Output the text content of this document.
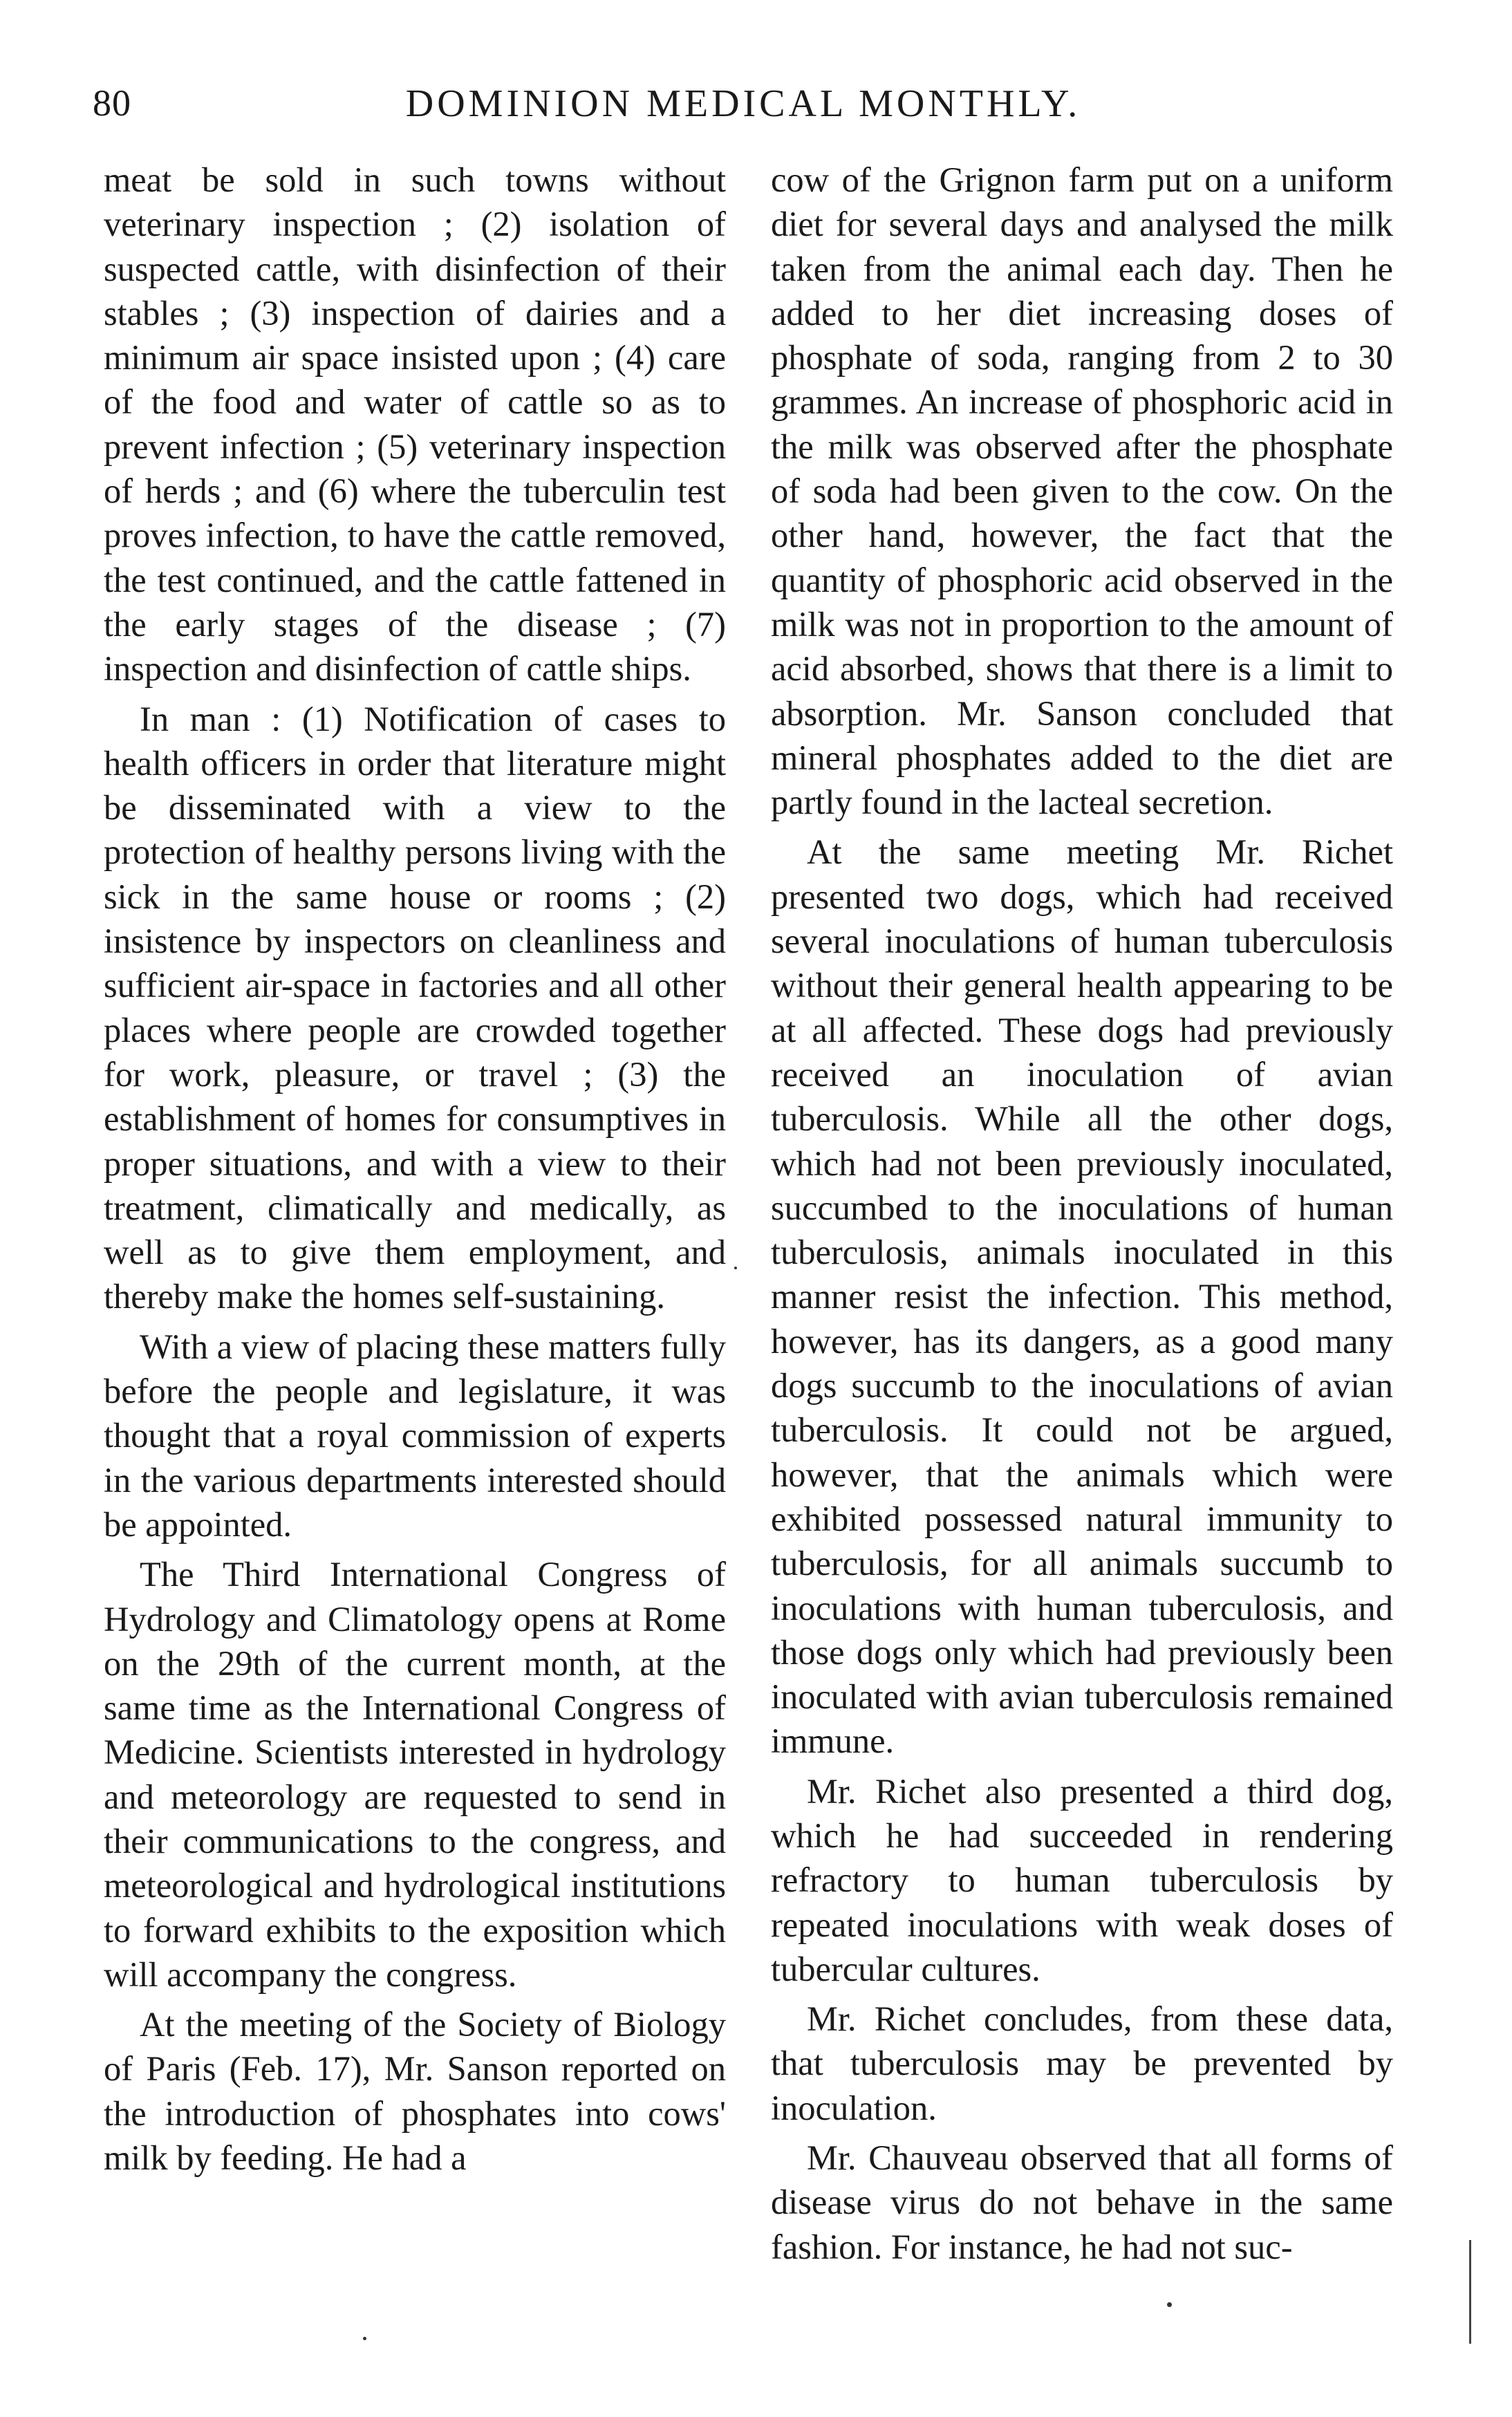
80	DOMINION MEDICAL MONTHLY.

meat be sold in such towns without veterinary inspection ; (2) isolation of suspected cattle, with disinfection of their stables ; (3) inspection of dairies and a minimum air space insisted upon ; (4) care of the food and water of cattle so as to prevent infection ; (5) veterinary inspection of herds ; and (6) where the tuberculin test proves infection, to have the cattle removed, the test continued, and the cattle fattened in the early stages of the disease ; (7) inspection and disinfection of cattle ships.

In man : (1) Notification of cases to health officers in order that literature might be disseminated with a view to the protection of healthy persons living with the sick in the same house or rooms ; (2) insistence by inspectors on cleanliness and sufficient air-space in factories and all other places where people are crowded together for work, pleasure, or travel ; (3) the establishment of homes for consumptives in proper situations, and with a view to their treatment, climatically and medically, as well as to give them employment, and thereby make the homes self-sustaining.

With a view of placing these matters fully before the people and legislature, it was thought that a royal commission of experts in the various departments interested should be appointed.

The Third International Congress of Hydrology and Climatology opens at Rome on the 29th of the current month, at the same time as the International Congress of Medicine. Scientists interested in hydrology and meteorology are requested to send in their communications to the congress, and meteorological and hydrological institutions to forward exhibits to the exposition which will accompany the congress.

At the meeting of the Society of Biology of Paris (Feb. 17), Mr. Sanson reported on the introduction of phosphates into cows' milk by feeding. He had a

cow of the Grignon farm put on a uniform diet for several days and analysed the milk taken from the animal each day. Then he added to her diet increasing doses of phosphate of soda, ranging from 2 to 30 grammes. An increase of phosphoric acid in the milk was observed after the phosphate of soda had been given to the cow. On the other hand, however, the fact that the quantity of phosphoric acid observed in the milk was not in proportion to the amount of acid absorbed, shows that there is a limit to absorption. Mr. Sanson concluded that mineral phosphates added to the diet are partly found in the lacteal secretion.

At the same meeting Mr. Richet presented two dogs, which had received several inoculations of human tuberculosis without their general health appearing to be at all affected. These dogs had previously received an inoculation of avian tuberculosis. While all the other dogs, which had not been previously inoculated, succumbed to the inoculations of human tuberculosis, animals inoculated in this manner resist the infection. This method, however, has its dangers, as a good many dogs succumb to the inoculations of avian tuberculosis. It could not be argued, however, that the animals which were exhibited possessed natural immunity to tuberculosis, for all animals succumb to inoculations with human tuberculosis, and those dogs only which had previously been inoculated with avian tuberculosis remained immune.

Mr. Richet also presented a third dog, which he had succeeded in rendering refractory to human tuberculosis by repeated inoculations with weak doses of tubercular cultures.

Mr. Richet concludes, from these data, that tuberculosis may be prevented by inoculation.

Mr. Chauveau observed that all forms of disease virus do not behave in the same fashion. For instance, he had not suc-
